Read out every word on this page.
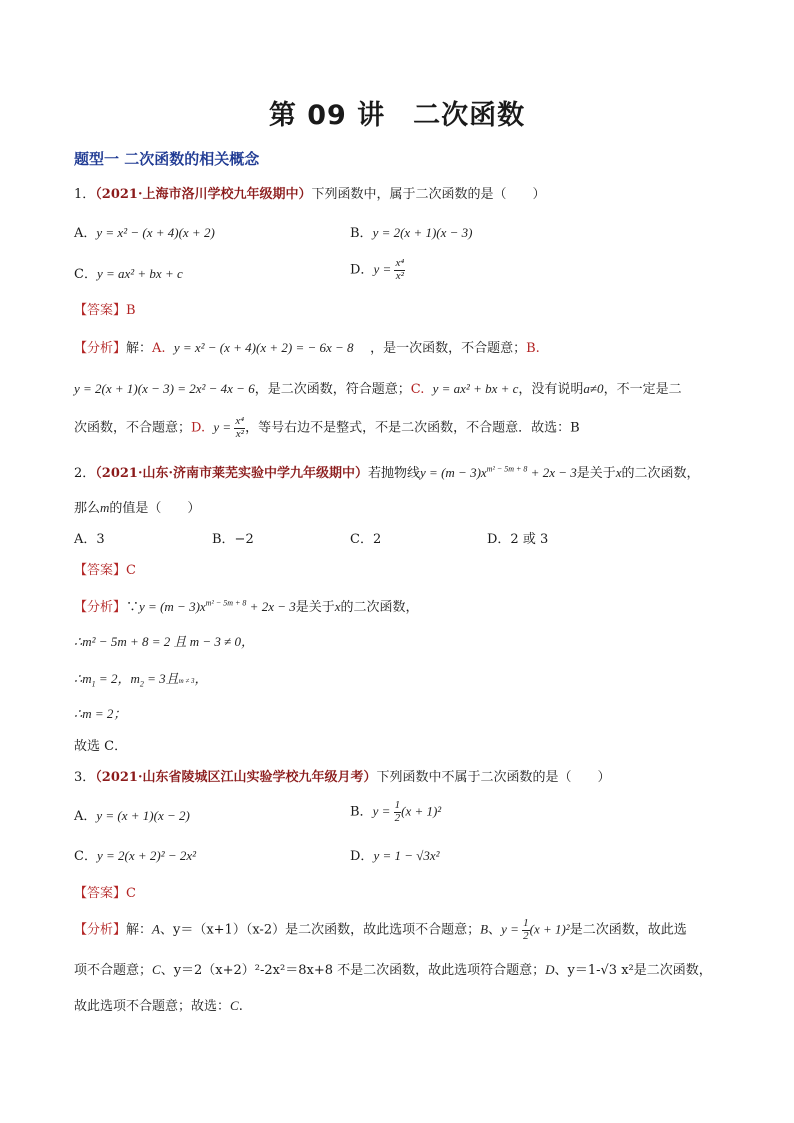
第 09 讲　二次函数
题型一 二次函数的相关概念
1．（2021·上海市洛川学校九年级期中）下列函数中，属于二次函数的是（　　）
A．y = x² − (x + 4)(x + 2)	B．y = 2(x + 1)(x − 3)
C．y = ax² + bx + c	D．$y = \frac{\text{x⁴}}{\text{x²}}$
【答案】B
【分析】解：A. y = x² − (x + 4)(x + 2) = − 6x − 8 ，是一次函数，不合题意；B.
y = 2(x + 1)(x − 3) = 2x² − 4x − 6，是二次函数，符合题意；C. y = ax² + bx + c，没有说明a≠0，不一定是二
次函数，不合题意；D. $y = \frac{\text{x⁴}}{\text{x²}}$ ，等号右边不是整式，不是二次函数，不合题意．故选：B
2．（2021·山东·济南市莱芜实验中学九年级期中）若抛物线$y = (m - 3)x^{m^2 - 5m + 8} + 2x - 3$是关于x的二次函数，
那么m的值是（　　）
A．3	B．−2	C．2	D．2 或 3
【答案】C
【分析】∵y = $(m - 3)x^{m^2 - 5m + 8} + 2x - 3$是关于x的二次函数，
∴m² − 5m + 8 = 2 且 m − 3 ≠ 0，
$\therefore m_1 = 2$，$m_2 = 3$且m ≠ 3，
∴m = 2；
故选 C．
3．（2021·山东省陵城区江山实验学校九年级月考）下列函数中不属于二次函数的是（　　）
A．y = (x + 1)(x − 2)	B．$y = \frac{1}{2} (x + 1)^2$
C．y = 2(x + 2)² − 2x²	D．y = 1 − √3x²
【答案】C
【分析】解：A、y＝（x+1）（x-2）是二次函数，故此选项不合题意；B、$y = \frac{1}{2} (x + 1)^2$是二次函数，故此选
项不合题意；C、y＝2（x+2）²-2x²＝8x+8 不是二次函数，故此选项符合题意；D、y＝1-√3 x²是二次函数，
故此选项不合题意；故选：C.
